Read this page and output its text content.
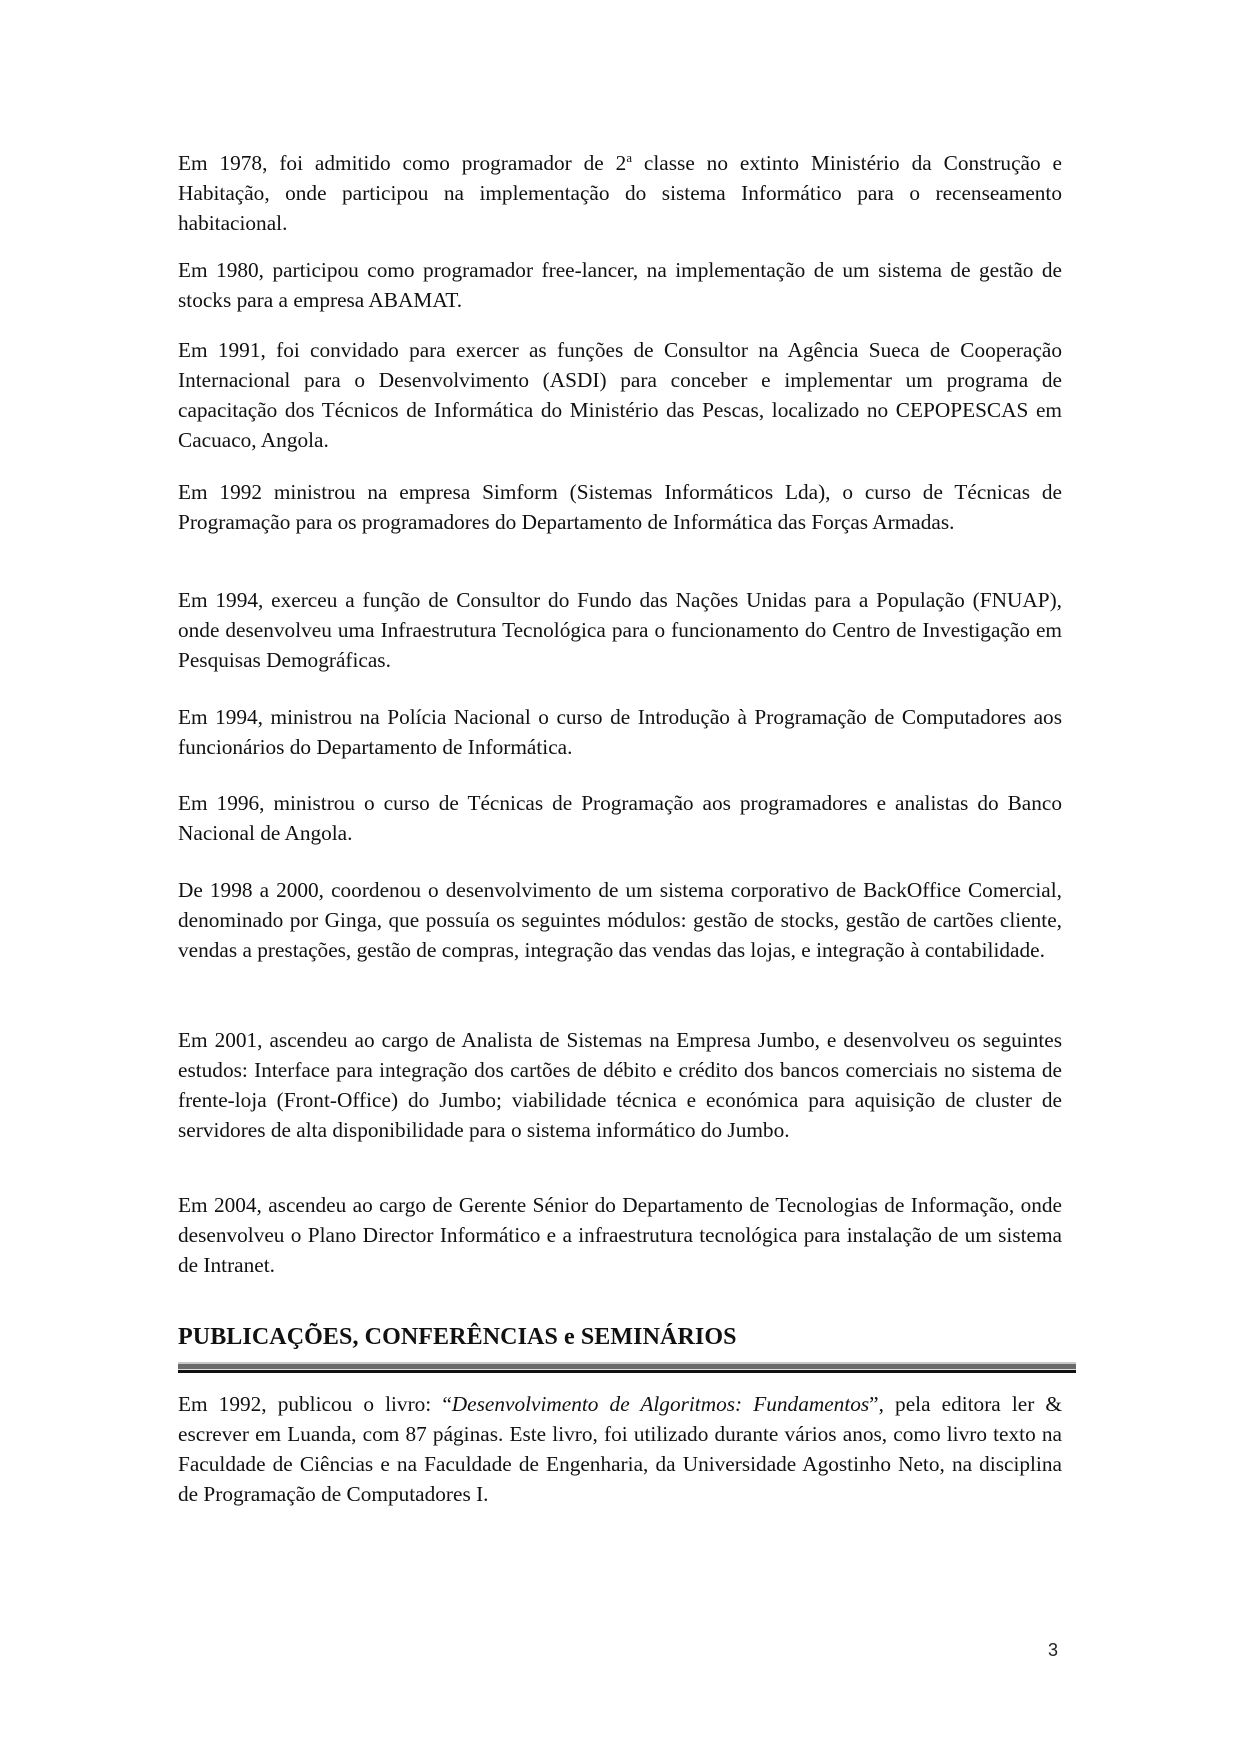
Em 1978, foi admitido como programador de 2$^a$ classe no extinto Ministério da Construção e Habitação, onde participou na implementação do sistema Informático para o recenseamento habitacional.

Em 1980, participou como programador free-lancer, na implementação de um sistema de gestão de stocks para a empresa ABAMAT.

Em 1991, foi convidado para exercer as funções de Consultor na Agência Sueca de Cooperação Internacional para o Desenvolvimento (ASDI) para conceber e implementar um programa de capacitação dos Técnicos de Informática do Ministério das Pescas, localizado no CEPOPESCAS em Cacuaco, Angola.

Em 1992 ministrou na empresa Simform (Sistemas Informáticos Lda), o curso de Técnicas de Programação para os programadores do Departamento de Informática das Forças Armadas.

Em 1994, exerceu a função de Consultor do Fundo das Nações Unidas para a População (FNUAP), onde desenvolveu uma Infraestrutura Tecnológica para o funcionamento do Centro de Investigação em Pesquisas Demográficas.

Em 1994, ministrou na Polícia Nacional o curso de Introdução à Programação de Computadores aos funcionários do Departamento de Informática.

Em 1996, ministrou o curso de Técnicas de Programação aos programadores e analistas do Banco Nacional de Angola.

De 1998 a 2000, coordenou o desenvolvimento de um sistema corporativo de BackOffice Comercial, denominado por Ginga, que possuía os seguintes módulos: gestão de stocks, gestão de cartões cliente, vendas a prestações, gestão de compras, integração das vendas das lojas, e integração à contabilidade.

Em 2001, ascendeu ao cargo de Analista de Sistemas na Empresa Jumbo, e desenvolveu os seguintes estudos: Interface para integração dos cartões de débito e crédito dos bancos comerciais no sistema de frente-loja (Front-Office) do Jumbo; viabilidade técnica e económica para aquisição de cluster de servidores de alta disponibilidade para o sistema informático do Jumbo.

Em 2004, ascendeu ao cargo de Gerente Sénior do Departamento de Tecnologias de Informação, onde desenvolveu o Plano Director Informático e a infraestrutura tecnológica para instalação de um sistema de Intranet.

PUBLICAÇÕES, CONFERÊNCIAS e SEMINÁRIOS

Em 1992, publicou o livro: “Desenvolvimento de Algoritmos: Fundamentos”, pela editora ler & escrever em Luanda, com 87 páginas. Este livro, foi utilizado durante vários anos, como livro texto na Faculdade de Ciências e na Faculdade de Engenharia, da Universidade Agostinho Neto, na disciplina de Programação de Computadores I.

3
